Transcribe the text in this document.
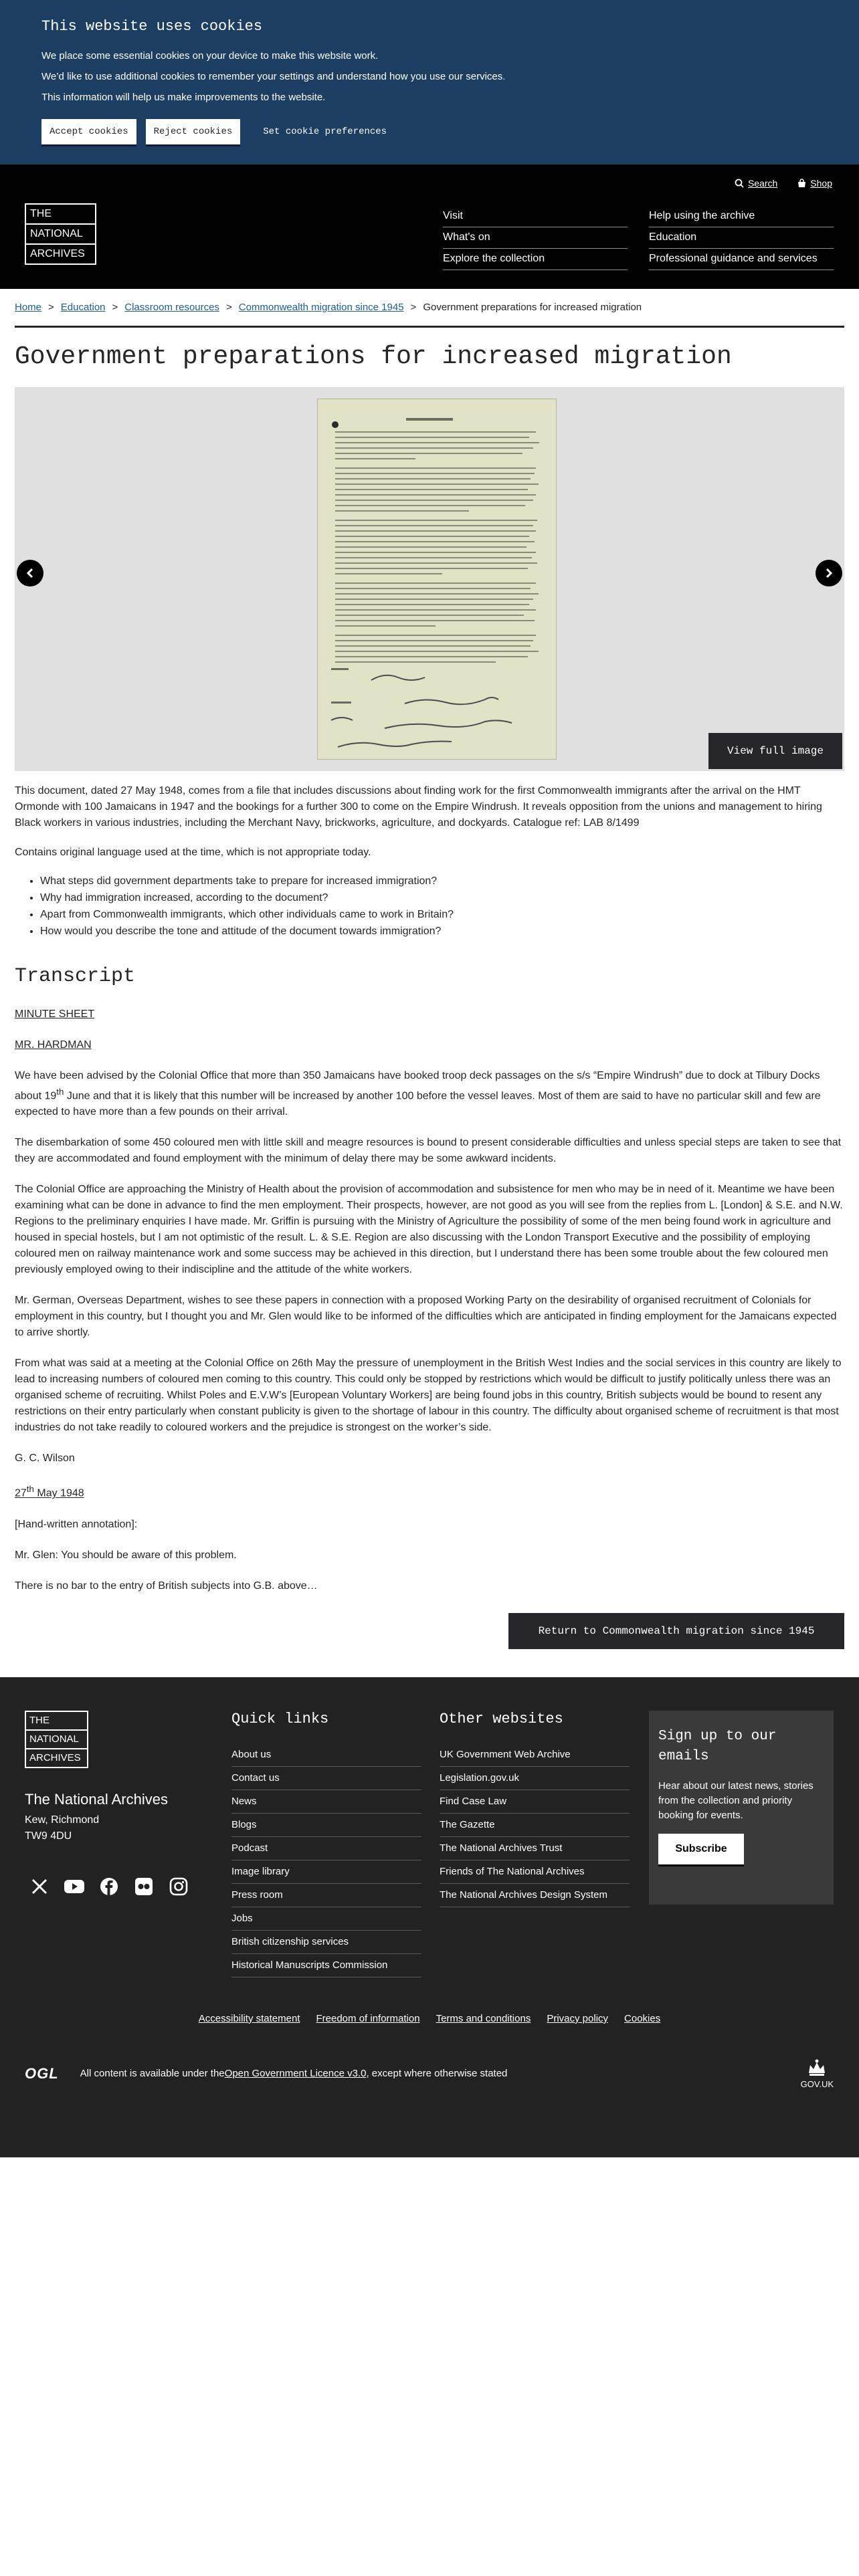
This website uses cookies

We place some essential cookies on your device to make this website work.

We’d like to use additional cookies to remember your settings and understand how you use our services.

This information will help us make improvements to the website.

Accept cookies	Reject cookies	Set cookie preferences
Search	Shop
THE
NATIONAL
ARCHIVES
Visit	Help using the archive
What's on	Education
Explore the collection	Professional guidance and services
Home > Education > Classroom resources > Commonwealth migration since 1945 > Government preparations for increased migration
Government preparations for increased migration
View full image

This document, dated 27 May 1948, comes from a file that includes discussions about finding work for the first Commonwealth immigrants after the arrival on the HMT Ormonde with 100 Jamaicans in 1947 and the bookings for a further 300 to come on the Empire Windrush. It reveals opposition from the unions and management to hiring Black workers in various industries, including the Merchant Navy, brickworks, agriculture, and dockyards. Catalogue ref: LAB 8/1499

Contains original language used at the time, which is not appropriate today.

• What steps did government departments take to prepare for increased immigration?
• Why had immigration increased, according to the document?
• Apart from Commonwealth immigrants, which other individuals came to work in Britain?
• How would you describe the tone and attitude of the document towards immigration?
Transcript

MINUTE SHEET

MR. HARDMAN

We have been advised by the Colonial Office that more than 350 Jamaicans have booked troop deck passages on the s/s “Empire Windrush” due to dock at Tilbury Docks about 19th June and that it is likely that this number will be increased by another 100 before the vessel leaves. Most of them are said to have no particular skill and few are expected to have more than a few pounds on their arrival.

The disembarkation of some 450 coloured men with little skill and meagre resources is bound to present considerable difficulties and unless special steps are taken to see that they are accommodated and found employment with the minimum of delay there may be some awkward incidents.

The Colonial Office are approaching the Ministry of Health about the provision of accommodation and subsistence for men who may be in need of it. Meantime we have been examining what can be done in advance to find the men employment. Their prospects, however, are not good as you will see from the replies from L. [London] & S.E. and N.W. Regions to the preliminary enquiries I have made. Mr. Griffin is pursuing with the Ministry of Agriculture the possibility of some of the men being found work in agriculture and housed in special hostels, but I am not optimistic of the result. L. & S.E. Region are also discussing with the London Transport Executive and the possibility of employing coloured men on railway maintenance work and some success may be achieved in this direction, but I understand there has been some trouble about the few coloured men previously employed owing to their indiscipline and the attitude of the white workers.

Mr. German, Overseas Department, wishes to see these papers in connection with a proposed Working Party on the desirability of organised recruitment of Colonials for employment in this country, but I thought you and Mr. Glen would like to be informed of the difficulties which are anticipated in finding employment for the Jamaicans expected to arrive shortly.

From what was said at a meeting at the Colonial Office on 26th May the pressure of unemployment in the British West Indies and the social services in this country are likely to lead to increasing numbers of coloured men coming to this country. This could only be stopped by restrictions which would be difficult to justify politically unless there was an organised scheme of recruiting. Whilst Poles and E.V.W’s [European Voluntary Workers] are being found jobs in this country, British subjects would be bound to resent any restrictions on their entry particularly when constant publicity is given to the shortage of labour in this country. The difficulty about organised scheme of recruitment is that most industries do not take readily to coloured workers and the prejudice is strongest on the worker’s side.

G. C. Wilson

27th May 1948

[Hand-written annotation]:

Mr. Glen: You should be aware of this problem.

There is no bar to the entry of British subjects into G.B. above…

Return to Commonwealth migration since 1945
THE
NATIONAL
ARCHIVES
The National Archives
Kew, Richmond
TW9 4DU
Quick links
About us
Contact us
News
Blogs
Podcast
Image library
Press room
Jobs
British citizenship services
Historical Manuscripts Commission
Other websites
UK Government Web Archive
Legislation.gov.uk
Find Case Law
The Gazette
The National Archives Trust
Friends of The National Archives
The National Archives Design System
Sign up to our emails

Hear about our latest news, stories from the collection and priority booking for events.

Subscribe
Accessibility statement Freedom of information Terms and conditions Privacy policy Cookies
OGL All content is available under the Open Government Licence v3.0 , except where otherwise stated
GOV.UK
